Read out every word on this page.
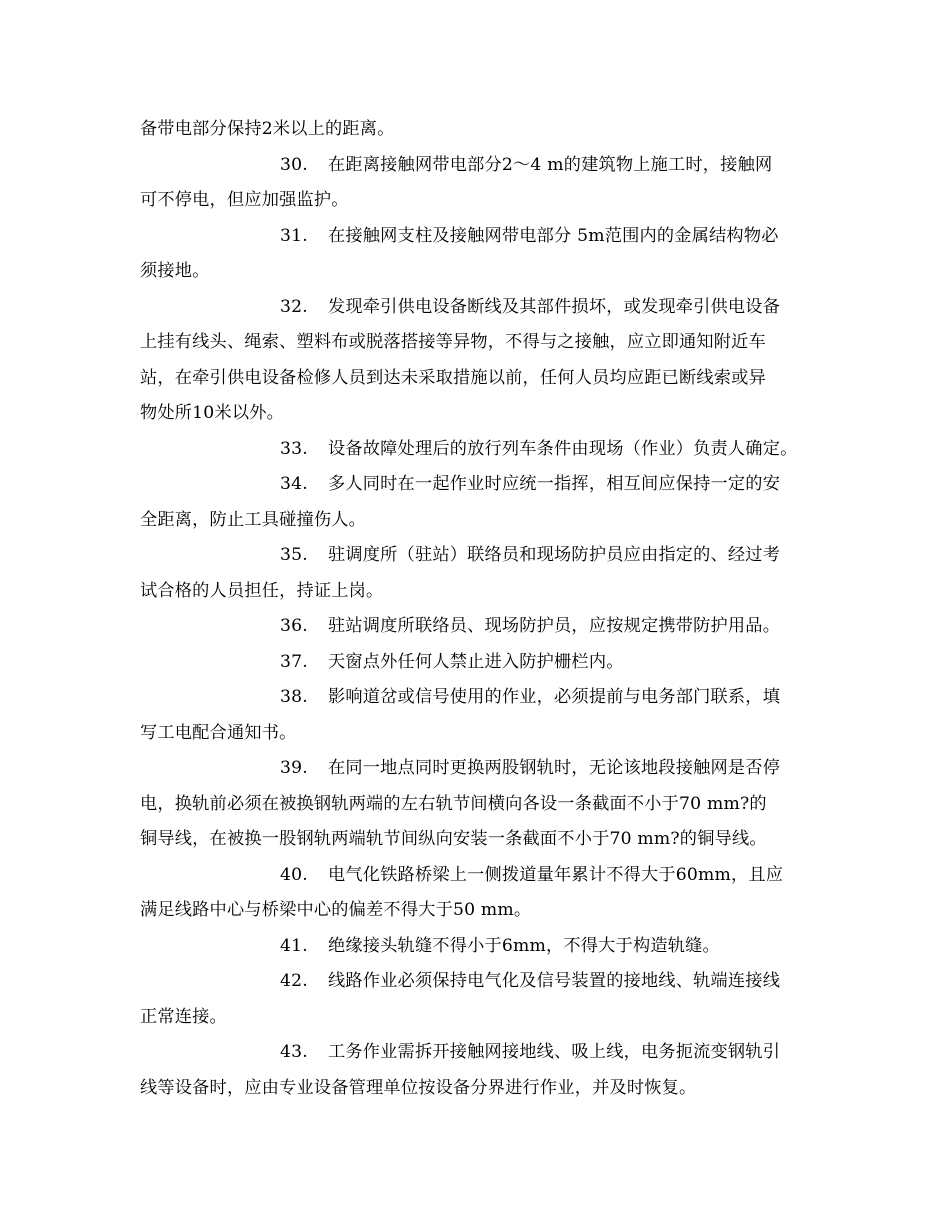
备带电部分保持2米以上的距离。
30. 在距离接触网带电部分2～4 m的建筑物上施工时，接触网
可不停电，但应加强监护。
31. 在接触网支柱及接触网带电部分 5m范围内的金属结构物必
须接地。
32. 发现牵引供电设备断线及其部件损坏，或发现牵引供电设备
上挂有线头、绳索、塑料布或脱落搭接等异物，不得与之接触，应立即通知附近车
站，在牵引供电设备检修人员到达未采取措施以前，任何人员均应距已断线索或异
物处所10米以外。
33. 设备故障处理后的放行列车条件由现场（作业）负责人确定。
34. 多人同时在一起作业时应统一指挥，相互间应保持一定的安
全距离，防止工具碰撞伤人。
35. 驻调度所（驻站）联络员和现场防护员应由指定的、经过考
试合格的人员担任，持证上岗。
36. 驻站调度所联络员、现场防护员，应按规定携带防护用品。
37. 天窗点外任何人禁止进入防护栅栏内。
38. 影响道岔或信号使用的作业，必须提前与电务部门联系，填
写工电配合通知书。
39. 在同一地点同时更换两股钢轨时，无论该地段接触网是否停
电，换轨前必须在被换钢轨两端的左右轨节间横向各设一条截面不小于70 mm?的
铜导线，在被换一股钢轨两端轨节间纵向安装一条截面不小于70 mm?的铜导线。
40. 电气化铁路桥梁上一侧拨道量年累计不得大于60mm，且应
满足线路中心与桥梁中心的偏差不得大于50 mm。
41. 绝缘接头轨缝不得小于6mm，不得大于构造轨缝。
42. 线路作业必须保持电气化及信号装置的接地线、轨端连接线
正常连接。
43. 工务作业需拆开接触网接地线、吸上线，电务扼流变钢轨引
线等设备时，应由专业设备管理单位按设备分界进行作业，并及时恢复。
